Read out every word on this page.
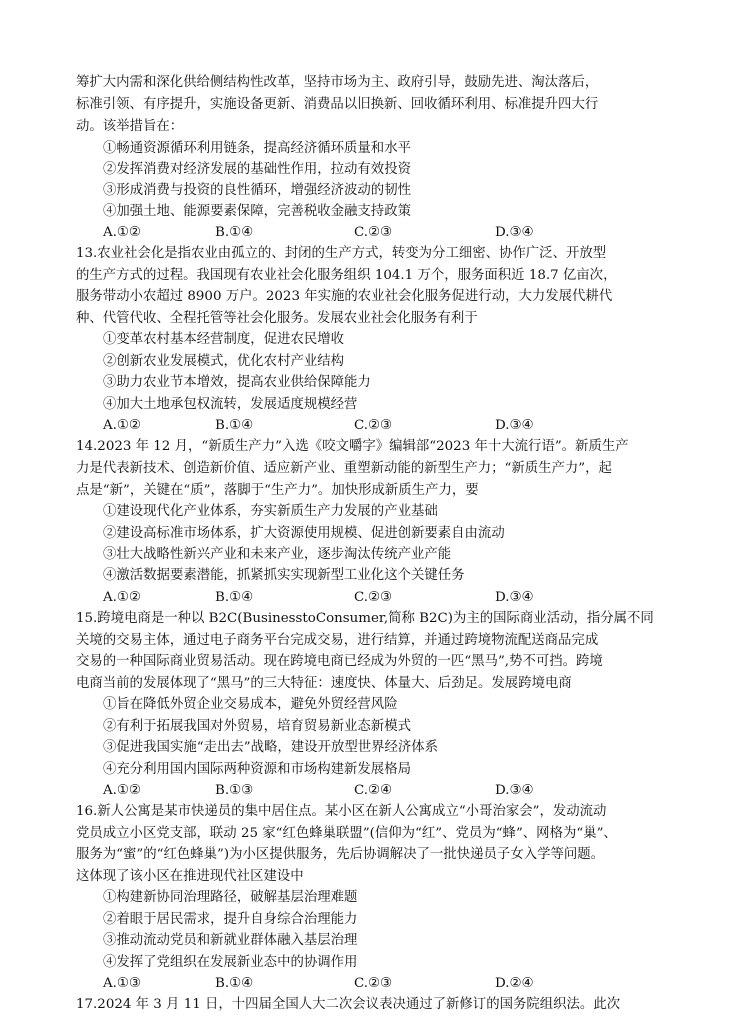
筹扩大内需和深化供给侧结构性改革，坚持市场为主、政府引导，鼓励先进、淘汰落后，
标准引领、有序提升，实施设备更新、消费品以旧换新、回收循环利用、标准提升四大行
动。该举措旨在：
①畅通资源循环利用链条，提高经济循环质量和水平
②发挥消费对经济发展的基础性作用，拉动有效投资
③形成消费与投资的良性循环，增强经济波动的韧性
④加强土地、能源要素保障，完善税收金融支持政策
A.①②	B.①④	C.②③	D.③④
13.农业社会化是指农业由孤立的、封闭的生产方式，转变为分工细密、协作广泛、开放型
的生产方式的过程。我国现有农业社会化服务组织 104.1 万个，服务面积近 18.7 亿亩次，
服务带动小农超过 8900 万户。2023 年实施的农业社会化服务促进行动，大力发展代耕代
种、代管代收、全程托管等社会化服务。发展农业社会化服务有利于
①变革农村基本经营制度，促进农民增收
②创新农业发展模式，优化农村产业结构
③助力农业节本增效，提高农业供给保障能力
④加大土地承包权流转，发展适度规模经营
A.①②	B.①④	C.②③	D.③④
14.2023 年 12 月，“新质生产力”入选《咬文嚼字》编辑部“2023 年十大流行语”。新质生产
力是代表新技术、创造新价值、适应新产业、重塑新动能的新型生产力；“新质生产力”，起
点是“新”，关键在“质”，落脚于“生产力”。加快形成新质生产力，要
①建设现代化产业体系，夯实新质生产力发展的产业基础
②建设高标准市场体系，扩大资源使用规模、促进创新要素自由流动
③壮大战略性新兴产业和未来产业，逐步淘汰传统产业产能
④激活数据要素潜能，抓紧抓实实现新型工业化这个关键任务
A.①②	B.①④	C.②③	D.③④
15.跨境电商是一种以 B2C(BusinesstoConsumer,简称 B2C)为主的国际商业活动，指分属不同
关境的交易主体，通过电子商务平台完成交易，进行结算，并通过跨境物流配送商品完成
交易的一种国际商业贸易活动。现在跨境电商已经成为外贸的一匹“黑马”,势不可挡。跨境
电商当前的发展体现了“黑马”的三大特征：速度快、体量大、后劲足。发展跨境电商
①旨在降低外贸企业交易成本，避免外贸经营风险
②有利于拓展我国对外贸易，培育贸易新业态新模式
③促进我国实施“走出去”战略，建设开放型世界经济体系
④充分利用国内国际两种资源和市场构建新发展格局
A.①②	B.①③	C.②④	D.③④
16.新人公寓是某市快递员的集中居住点。某小区在新人公寓成立“小哥治家会”，发动流动
党员成立小区党支部，联动 25 家“红色蜂巢联盟”(信仰为“红”、党员为“蜂”、网格为“巢”、
服务为“蜜”的“红色蜂巢”)为小区提供服务，先后协调解决了一批快递员子女入学等问题。
这体现了该小区在推进现代社区建设中
①构建新协同治理路径，破解基层治理难题
②着眼于居民需求，提升自身综合治理能力
③推动流动党员和新就业群体融入基层治理
④发挥了党组织在发展新业态中的协调作用
A.①③	B.①④	C.②③	D.②④
17.2024 年 3 月 11 日，十四届全国人大二次会议表决通过了新修订的国务院组织法。此次
